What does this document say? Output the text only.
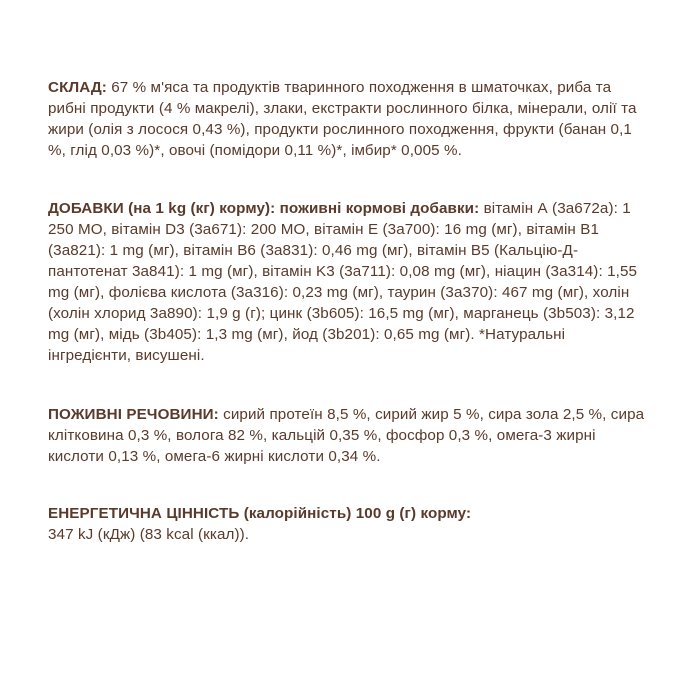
СКЛАД: 67 % м'яса та продуктів тваринного походження в шматочках, риба та рибні продукти (4 % макрелі), злаки, екстракти рослинного білка, мінерали, олії та жири (олія з лосося 0,43 %), продукти рослинного походження, фрукти (банан 0,1 %, глід 0,03 %)*, овочі (помідори 0,11 %)*, імбир* 0,005 %.

ДОБАВКИ (на 1 kg (кг) корму): поживні кормові добавки: вітамін А (3а672а): 1 250 МО, вітамін D3 (3а671): 200 МО, вітамін E (3а700): 16 mg (мг), вітамін B1 (3а821): 1 mg (мг), вітамін B6 (3а831): 0,46 mg (мг), вітамін B5 (Кальцію-Д-пантотенат 3а841): 1 mg (мг), вітамін K3 (3а711): 0,08 mg (мг), ніацин (3а314): 1,55 mg (мг), фолієва кислота (3а316): 0,23 mg (мг), таурин (3а370): 467 mg (мг), холін (холін хлорид 3а890): 1,9 g (г); цинк (3b605): 16,5 mg (мг), марганець (3b503): 3,12 mg (мг), мідь (3b405): 1,3 mg (мг), йод (3b201): 0,65 mg (мг). *Натуральні інгредієнти, висушені.

ПОЖИВНІ РЕЧОВИНИ: сирий протеїн 8,5 %, сирий жир 5 %, сира зола 2,5 %, сира клітковина 0,3 %, волога 82 %, кальцій 0,35 %, фосфор 0,3 %, омега-3 жирні кислоти 0,13 %, омега-6 жирні кислоти 0,34 %.

ЕНЕРГЕТИЧНА ЦІННІСТЬ (калорійність) 100 g (г) корму:
347 kJ (кДж) (83 kcal (ккал)).
